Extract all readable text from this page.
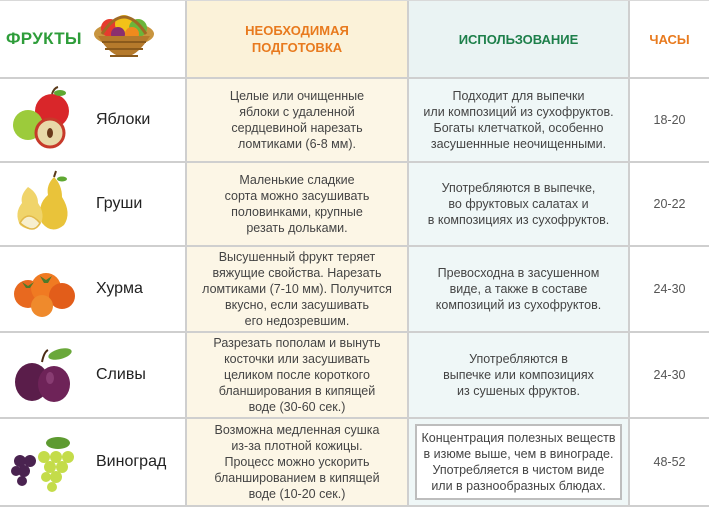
ФРУКТЫ	НЕОБХОДИМАЯ
ПОДГОТОВКА
ИСПОЛЬЗОВАНИЕ	ЧАСЫ
Яблоки
Целые или очищенные
яблоки с удаленной
сердцевиной нарезать
ломтиками (6-8 мм).
Подходит для выпечки
или композиций из сухофруктов.
Богаты клетчаткой, особенно
засушеннные неочищенными.
18-20
Груши
Маленькие сладкие
сорта можно засушивать
половинками, крупные
резать дольками.
Употребляются в выпечке,
во фруктовых салатах и
в композициях из сухофруктов.
20-22
Хурма
Высушенный фрукт теряет
вяжущие свойства. Нарезать
ломтиками (7-10 мм). Получится
вкусно, если засушивать
его недозревшим.
Превосходна в засушенном
виде, а также в составе
композиций из сухофруктов.
24-30
Сливы
Разрезать пополам и вынуть
косточки или засушивать
целиком после короткого
бланширования в кипящей
воде (30-60 сек.)
Употребляются в
выпечке или композициях
из сушеных фруктов.
24-30
Виноград
Возможна медленная сушка
из-за плотной кожицы.
Процесс можно ускорить
бланшированием в кипящей
воде (10-20 сек.)
Концентрация полезных веществ
в изюме выше, чем в винограде.
Употребляется в чистом виде
или в разнообразных блюдах.
48-52
